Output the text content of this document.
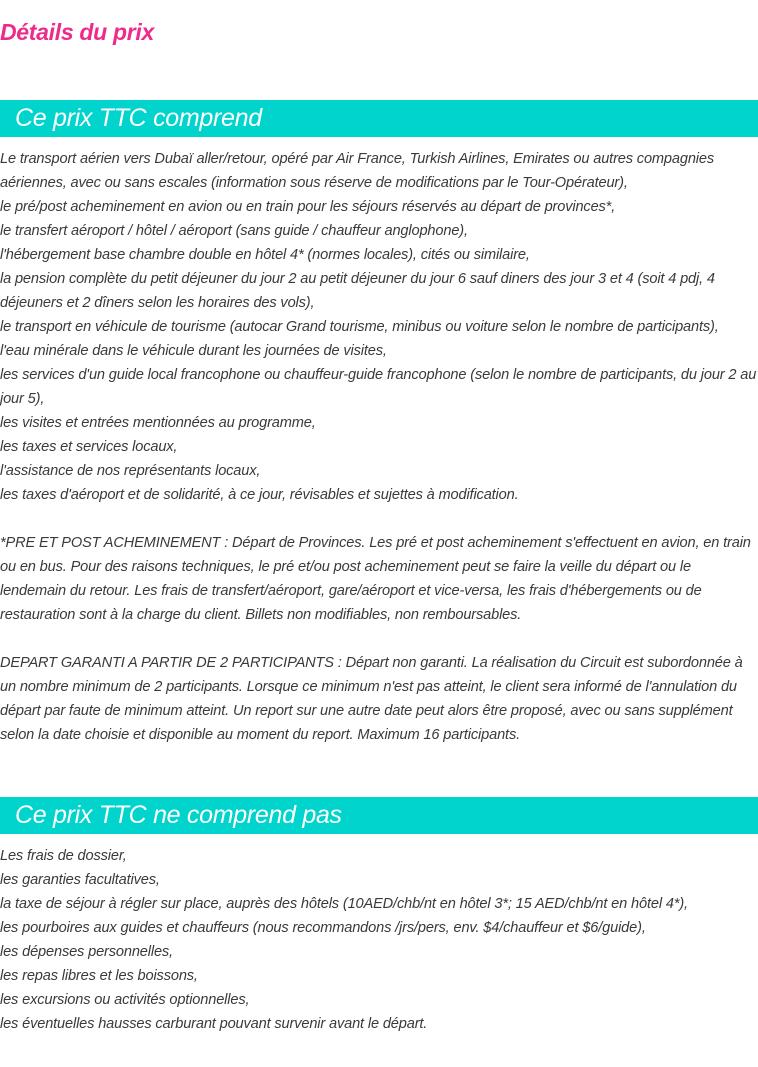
Détails du prix
Ce prix TTC comprend

Le transport aérien vers Dubaï aller/retour, opéré par Air France, Turkish Airlines, Emirates ou autres compagnies aériennes, avec ou sans escales (information sous réserve de modifications par le Tour-Opérateur),

le pré/post acheminement en avion ou en train pour les séjours réservés au départ de provinces*,

le transfert aéroport / hôtel / aéroport (sans guide / chauffeur anglophone),

l'hébergement base chambre double en hôtel 4* (normes locales), cités ou similaire,

la pension complète du petit déjeuner du jour 2 au petit déjeuner du jour 6 sauf diners des jour 3 et 4 (soit 4 pdj, 4 déjeuners et 2 dîners selon les horaires des vols),

le transport en véhicule de tourisme (autocar Grand tourisme, minibus ou voiture selon le nombre de participants),

l'eau minérale dans le véhicule durant les journées de visites,

les services d'un guide local francophone ou chauffeur-guide francophone (selon le nombre de participants, du jour 2 au jour 5),

les visites et entrées mentionnées au programme,

les taxes et services locaux,

l'assistance de nos représentants locaux,

les taxes d'aéroport et de solidarité, à ce jour, révisables et sujettes à modification.

*PRE ET POST ACHEMINEMENT : Départ de Provinces. Les pré et post acheminement s'effectuent en avion, en train ou en bus. Pour des raisons techniques, le pré et/ou post acheminement peut se faire la veille du départ ou le lendemain du retour. Les frais de transfert/aéroport, gare/aéroport et vice-versa, les frais d'hébergements ou de restauration sont à la charge du client. Billets non modifiables, non remboursables.

DEPART GARANTI A PARTIR DE 2 PARTICIPANTS : Départ non garanti. La réalisation du Circuit est subordonnée à un nombre minimum de 2 participants. Lorsque ce minimum n'est pas atteint, le client sera informé de l'annulation du départ par faute de minimum atteint. Un report sur une autre date peut alors être proposé, avec ou sans supplément selon la date choisie et disponible au moment du report. Maximum 16 participants.

Ce prix TTC ne comprend pas

Les frais de dossier,

les garanties facultatives,

la taxe de séjour à régler sur place, auprès des hôtels (10AED/chb/nt en hôtel 3*; 15 AED/chb/nt en hôtel 4*),

les pourboires aux guides et chauffeurs (nous recommandons /jrs/pers, env. $4/chauffeur et $6/guide),

les dépenses personnelles,

les repas libres et les boissons,

les excursions ou activités optionnelles,

les éventuelles hausses carburant pouvant survenir avant le départ.
